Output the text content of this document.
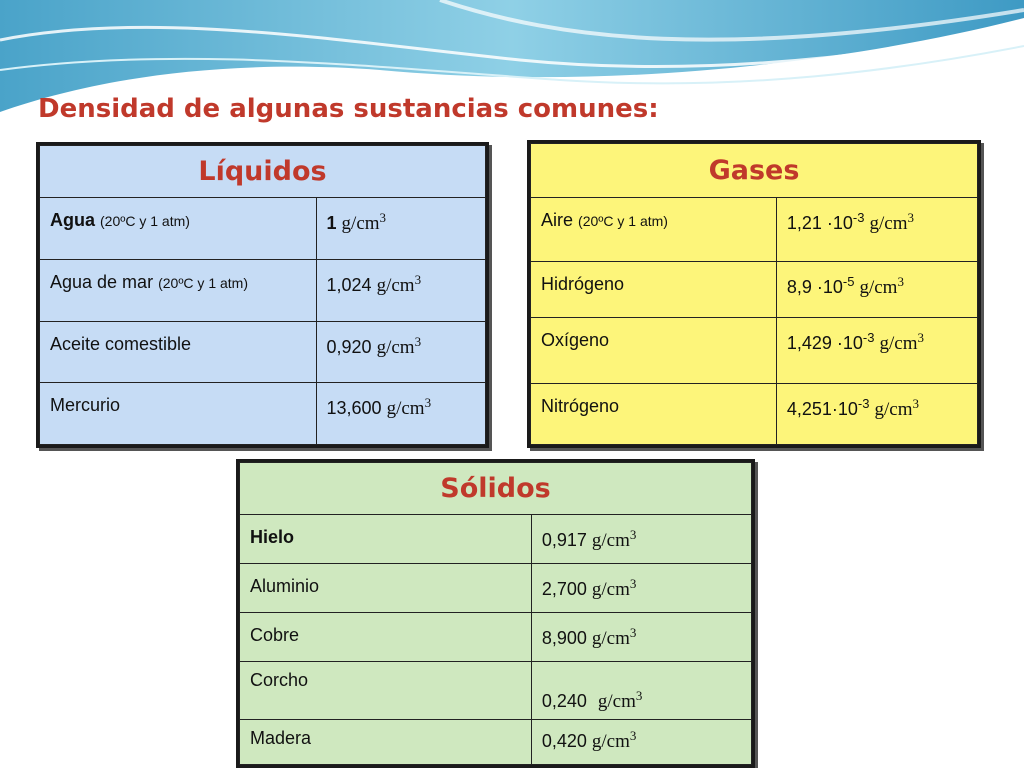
Densidad de algunas sustancias comunes:
Líquidos	
Agua (20ºC y 1 atm)	1 $g/cm^3$
Agua de mar (20ºC y 1 atm)	1,024 $g/cm^3$
Aceite comestible	0,920 $g/cm^3$
Mercurio	13,600 $g/cm^3$
Gases	
Aire (20ºC y 1 atm)	$1,21 \cdot 10^{-3}$ $g/cm^3$
Hidrógeno	$8,9 \cdot 10^{-5}$ $g/cm^3$
Oxígeno	$1,429 \cdot 10^{-3}$ $g/cm^3$
Nitrógeno	$4,251\cdot 10^{-3}$ $g/cm^3$
Sólidos	
Hielo	0,917 $g/cm^3$
Aluminio	2,700 $g/cm^3$
Cobre	8,900 $g/cm^3$
Corcho	0,240 $g/cm^3$
Madera	0,420 $g/cm^3$
